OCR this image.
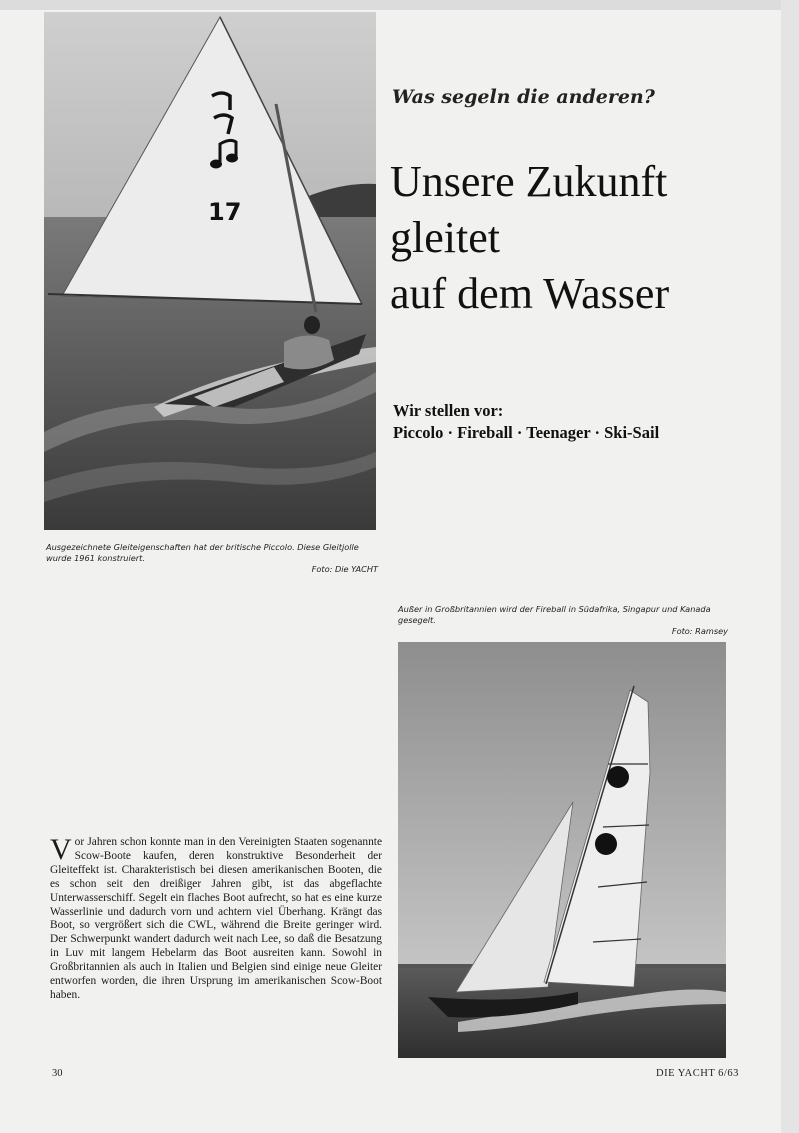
17
Ausgezeichnete Gleiteigenschaften hat der britische Piccolo. Diese Gleitjolle wurde 1961 konstruiert.
Foto: Die YACHT
Was segeln die anderen?
Unsere Zukunft
gleitet
auf dem Wasser
Wir stellen vor:
Piccolo · Fireball · Teenager · Ski-Sail
Außer in Großbritannien wird der Fireball in Südafrika, Singapur und Kanada gesegelt.
Foto: Ramsey
Vor Jahren schon konnte man in den Vereinigten Staaten sogenannte Scow-Boote kaufen, deren konstruktive Besonderheit der Gleiteffekt ist. Charakteristisch bei diesen amerikanischen Booten, die es schon seit den dreißiger Jahren gibt, ist das abgeflachte Unterwasserschiff. Segelt ein flaches Boot aufrecht, so hat es eine kurze Wasserlinie und dadurch vorn und achtern viel Überhang. Krängt das Boot, so vergrößert sich die CWL, während die Breite geringer wird. Der Schwerpunkt wandert dadurch weit nach Lee, so daß die Besatzung in Luv mit langem Hebelarm das Boot ausreiten kann. Sowohl in Großbritannien als auch in Italien und Belgien sind einige neue Gleiter entworfen worden, die ihren Ursprung im amerikanischen Scow-Boot haben.
30	DIE YACHT 6/63
